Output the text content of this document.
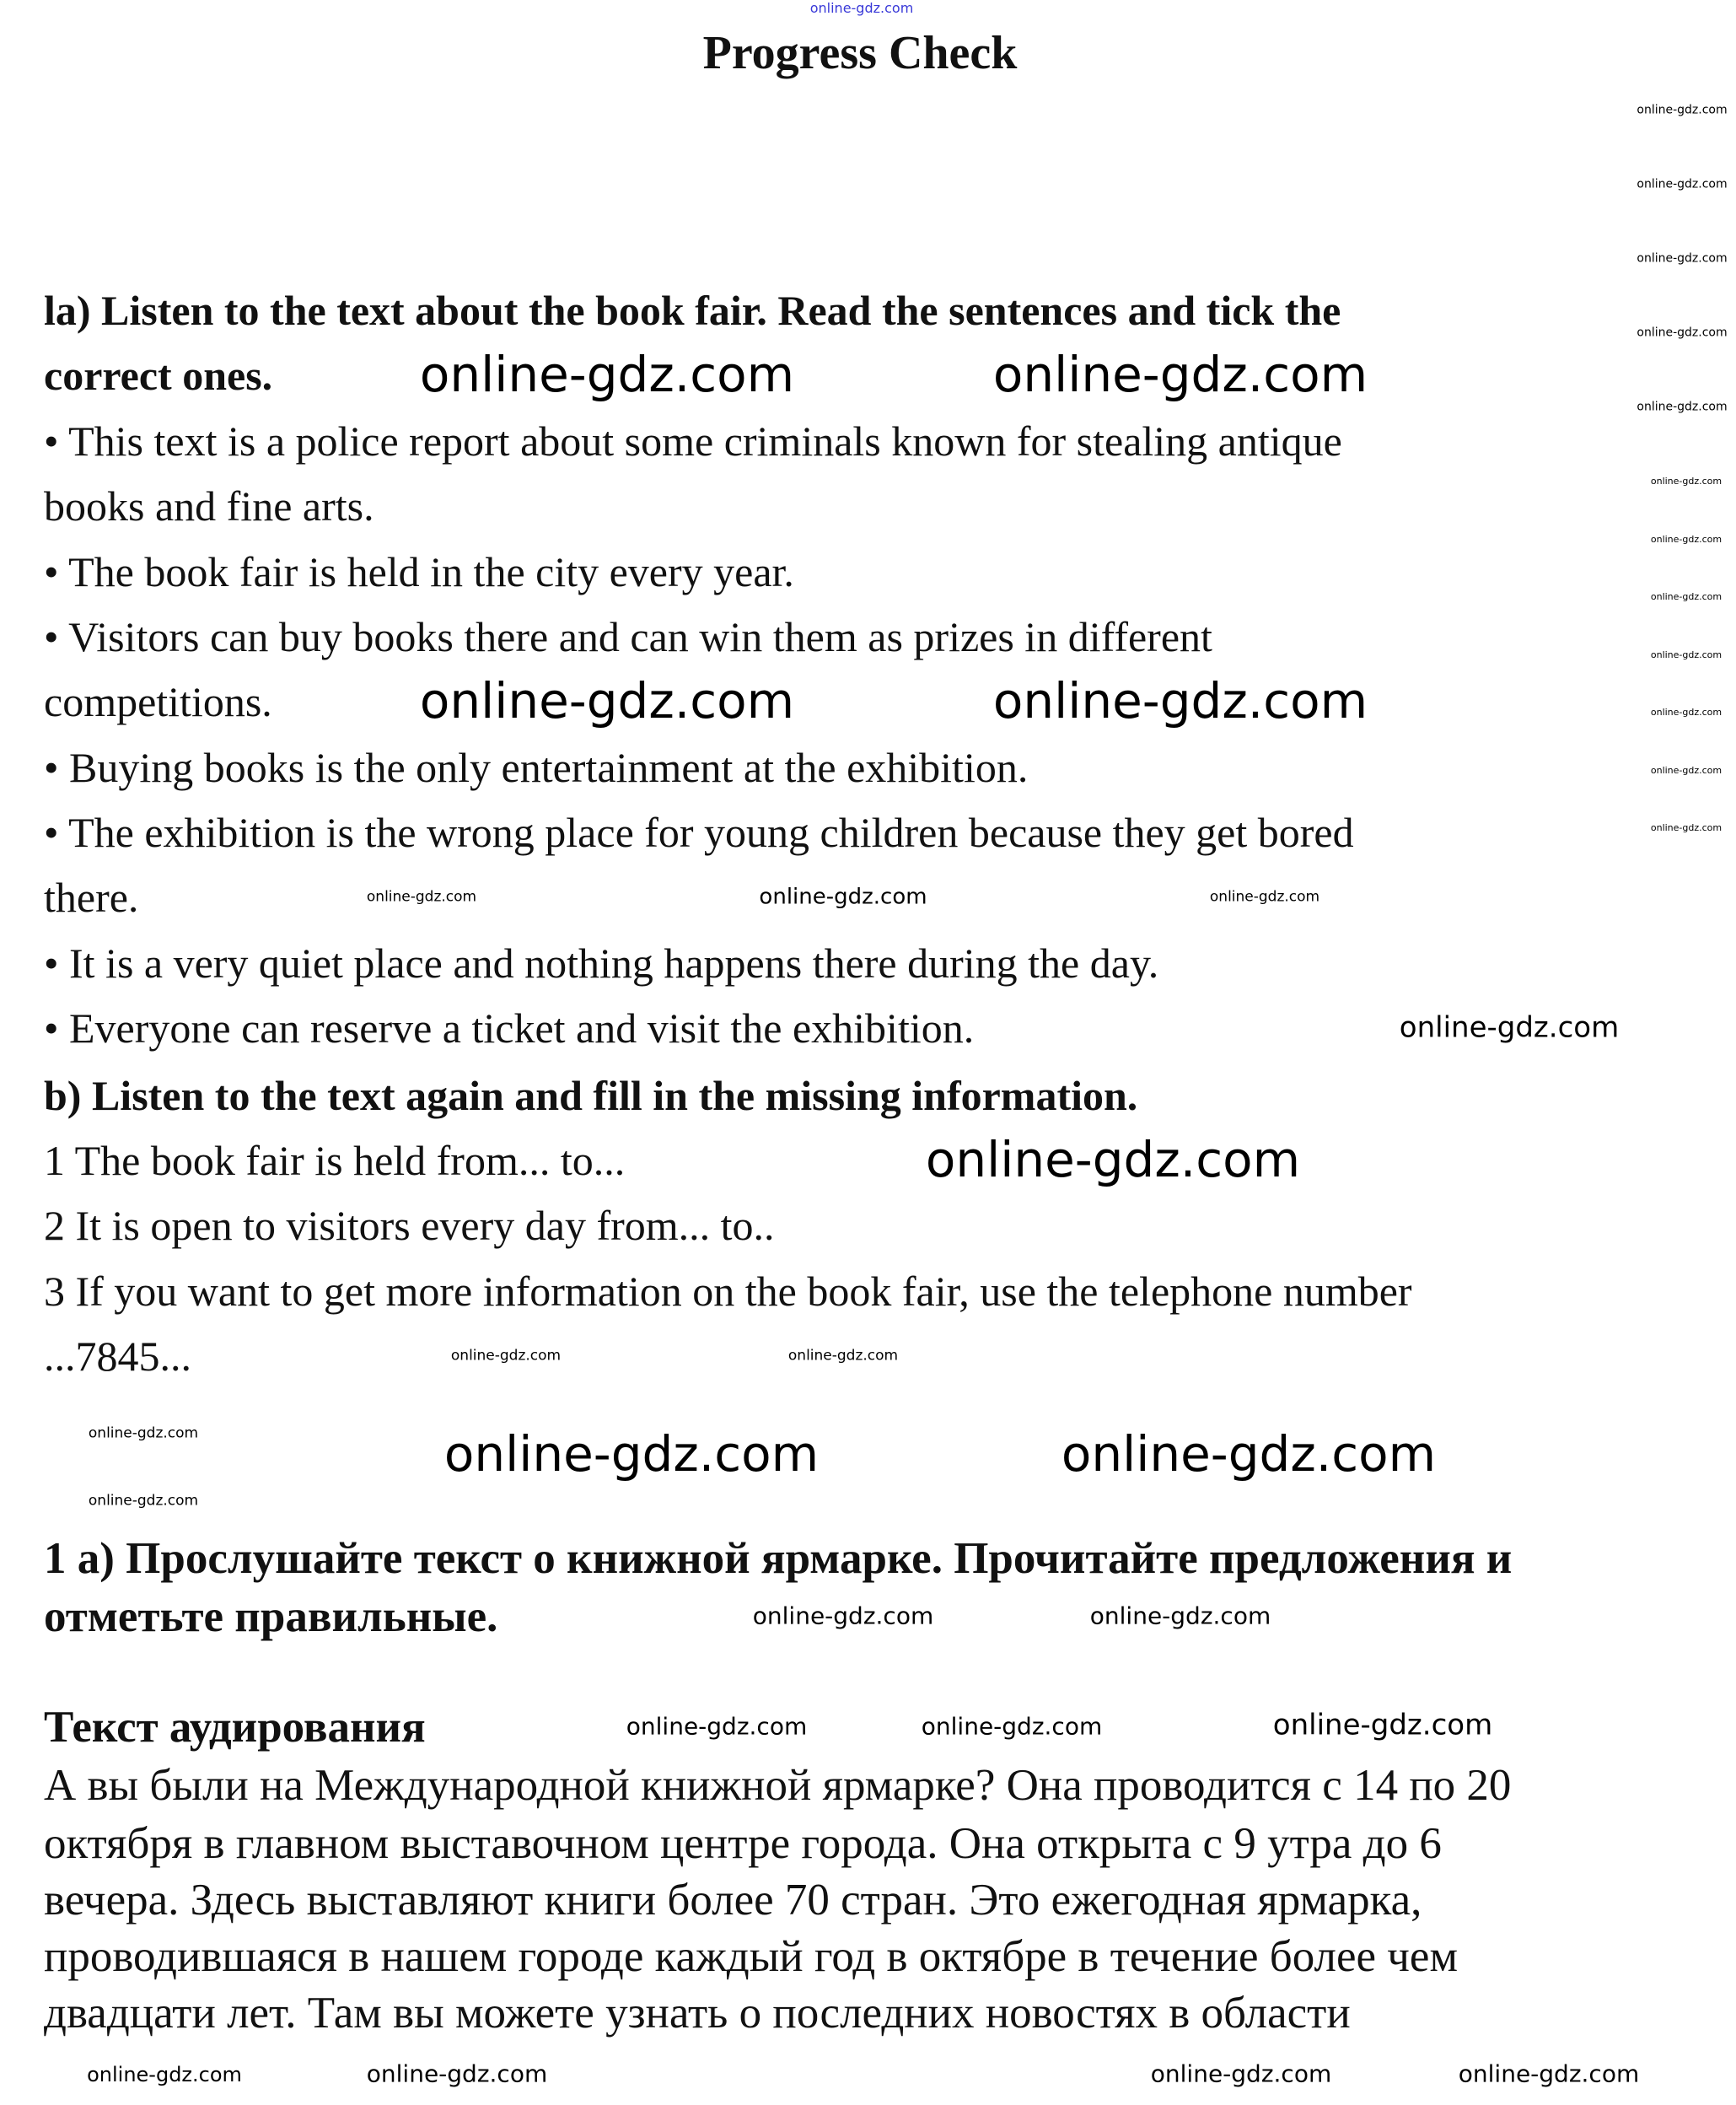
Progress Check
la) Listen to the text about the book fair. Read the sentences and tick the
correct ones.
• This text is a police report about some criminals known for stealing antique
books and fine arts.
• The book fair is held in the city every year.
• Visitors can buy books there and can win them as prizes in different
competitions.
• Buying books is the only entertainment at the exhibition.
• The exhibition is the wrong place for young children because they get bored
there.
• It is a very quiet place and nothing happens there during the day.
• Everyone can reserve a ticket and visit the exhibition.
b) Listen to the text again and fill in the missing information.
1 The book fair is held from... to...
2 It is open to visitors every day from... to..
3 If you want to get more information on the book fair, use the telephone number
...7845...
1 а) Прослушайте текст о книжной ярмарке. Прочитайте предложения и
отметьте правильные.
Текст аудирования
А вы были на Международной книжной ярмарке? Она проводится с 14 по 20
октября в главном выставочном центре города. Она открыта с 9 утра до 6
вечера. Здесь выставляют книги более 70 стран. Это ежегодная ярмарка,
проводившаяся в нашем городе каждый год в октябре в течение более чем
двадцати лет. Там вы можете узнать о последних новостях в области
online-gdz.com
online-gdz.com	online-gdz.com
online-gdz.com	online-gdz.com
online-gdz.com
online-gdz.com	online-gdz.com
online-gdz.com
online-gdz.com
online-gdz.com	online-gdz.com	online-gdz.com
online-gdz.com
online-gdz.com
online-gdz.com
online-gdz.com
online-gdz.com	online-gdz.com
online-gdz.com	online-gdz.com
online-gdz.com	online-gdz.com	online-gdz.com	online-gdz.com
online-gdz.com
online-gdz.com
online-gdz.com
online-gdz.com
online-gdz.com
online-gdz.com
online-gdz.com
online-gdz.com
online-gdz.com
online-gdz.com
online-gdz.com
online-gdz.com
